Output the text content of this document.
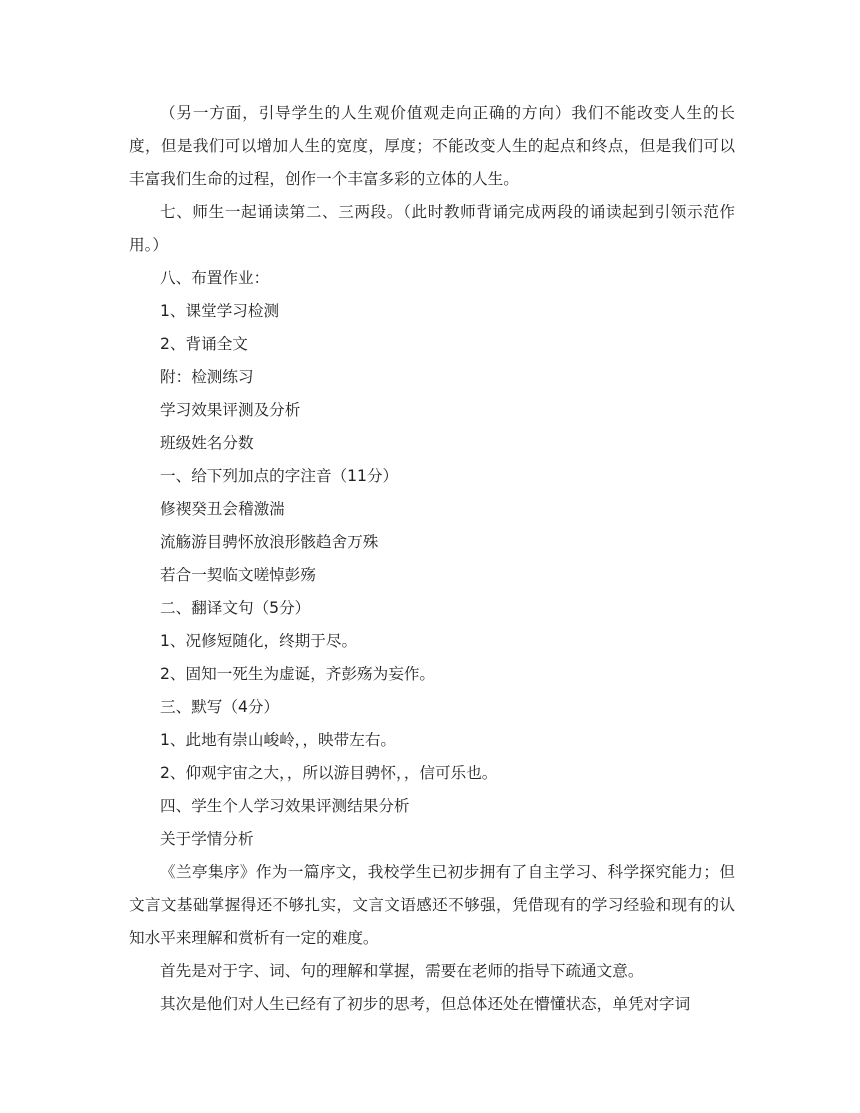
（另一方面，引导学生的人生观价值观走向正确的方向）我们不能改变人生的长度，但是我们可以增加人生的宽度，厚度；不能改变人生的起点和终点，但是我们可以丰富我们生命的过程，创作一个丰富多彩的立体的人生。

七、师生一起诵读第二、三两段。（此时教师背诵完成两段的诵读起到引领示范作用。）

八、布置作业：

1、课堂学习检测

2、背诵全文

附：检测练习

学习效果评测及分析

班级姓名分数

一、给下列加点的字注音（11分）

修禊癸丑会稽激湍

流觞游目骋怀放浪形骸趋舍万殊

若合一契临文嗟悼彭殇

二、翻译文句（5分）

1、况修短随化，终期于尽。

2、固知一死生为虚诞，齐彭殇为妄作。

三、默写（4分）

1、此地有崇山峻岭，，映带左右。

2、仰观宇宙之大，，所以游目骋怀，，信可乐也。

四、学生个人学习效果评测结果分析

关于学情分析

《兰亭集序》作为一篇序文，我校学生已初步拥有了自主学习、科学探究能力；但文言文基础掌握得还不够扎实，文言文语感还不够强，凭借现有的学习经验和现有的认知水平来理解和赏析有一定的难度。

首先是对于字、词、句的理解和掌握，需要在老师的指导下疏通文意。

其次是他们对人生已经有了初步的思考，但总体还处在懵懂状态，单凭对字词
